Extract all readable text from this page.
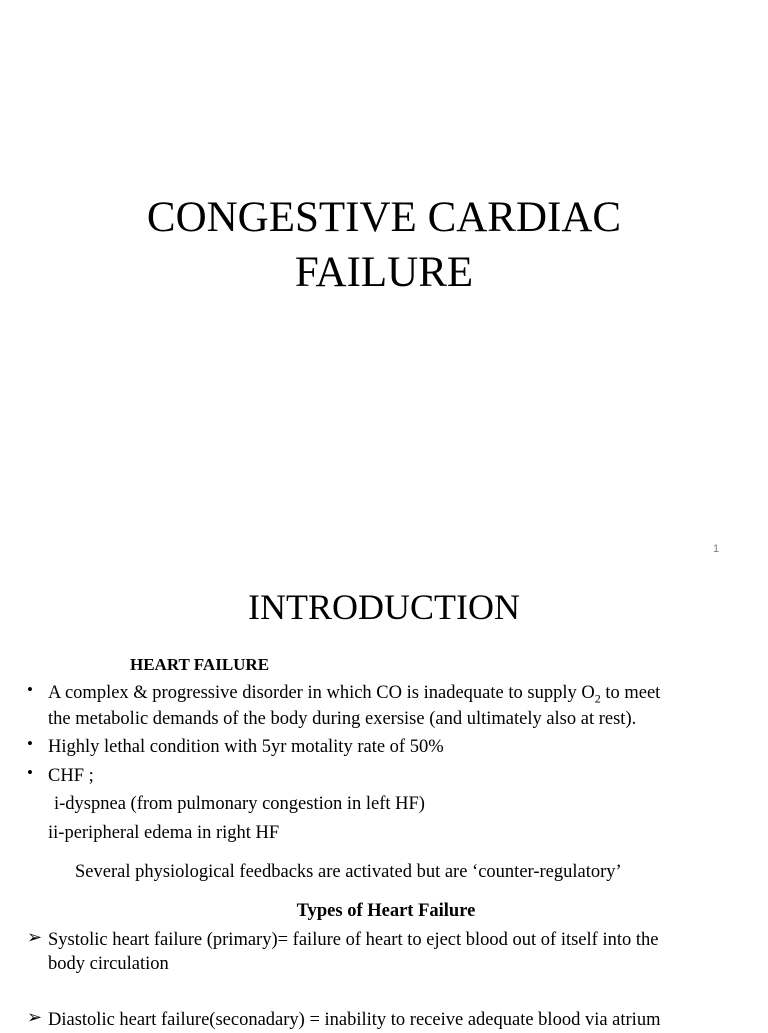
CONGESTIVE CARDIAC
FAILURE
1
INTRODUCTION
HEART FAILURE
• A complex & progressive disorder in which CO is inadequate to supply $O_2$ to meet
the metabolic demands of the body during exersise (and ultimately also at rest).
• Highly lethal condition with 5yr motality rate of 50%
• CHF ;
i-dyspnea (from pulmonary congestion in left HF)
ii-peripheral edema in right HF
Several physiological feedbacks are activated but are ‘counter-regulatory’
Types of Heart Failure
➢ Systolic heart failure (primary)= failure of heart to eject blood out of itself into the
body circulation
➢ Diastolic heart failure(seconadary) = inability to receive adequate blood via atrium
